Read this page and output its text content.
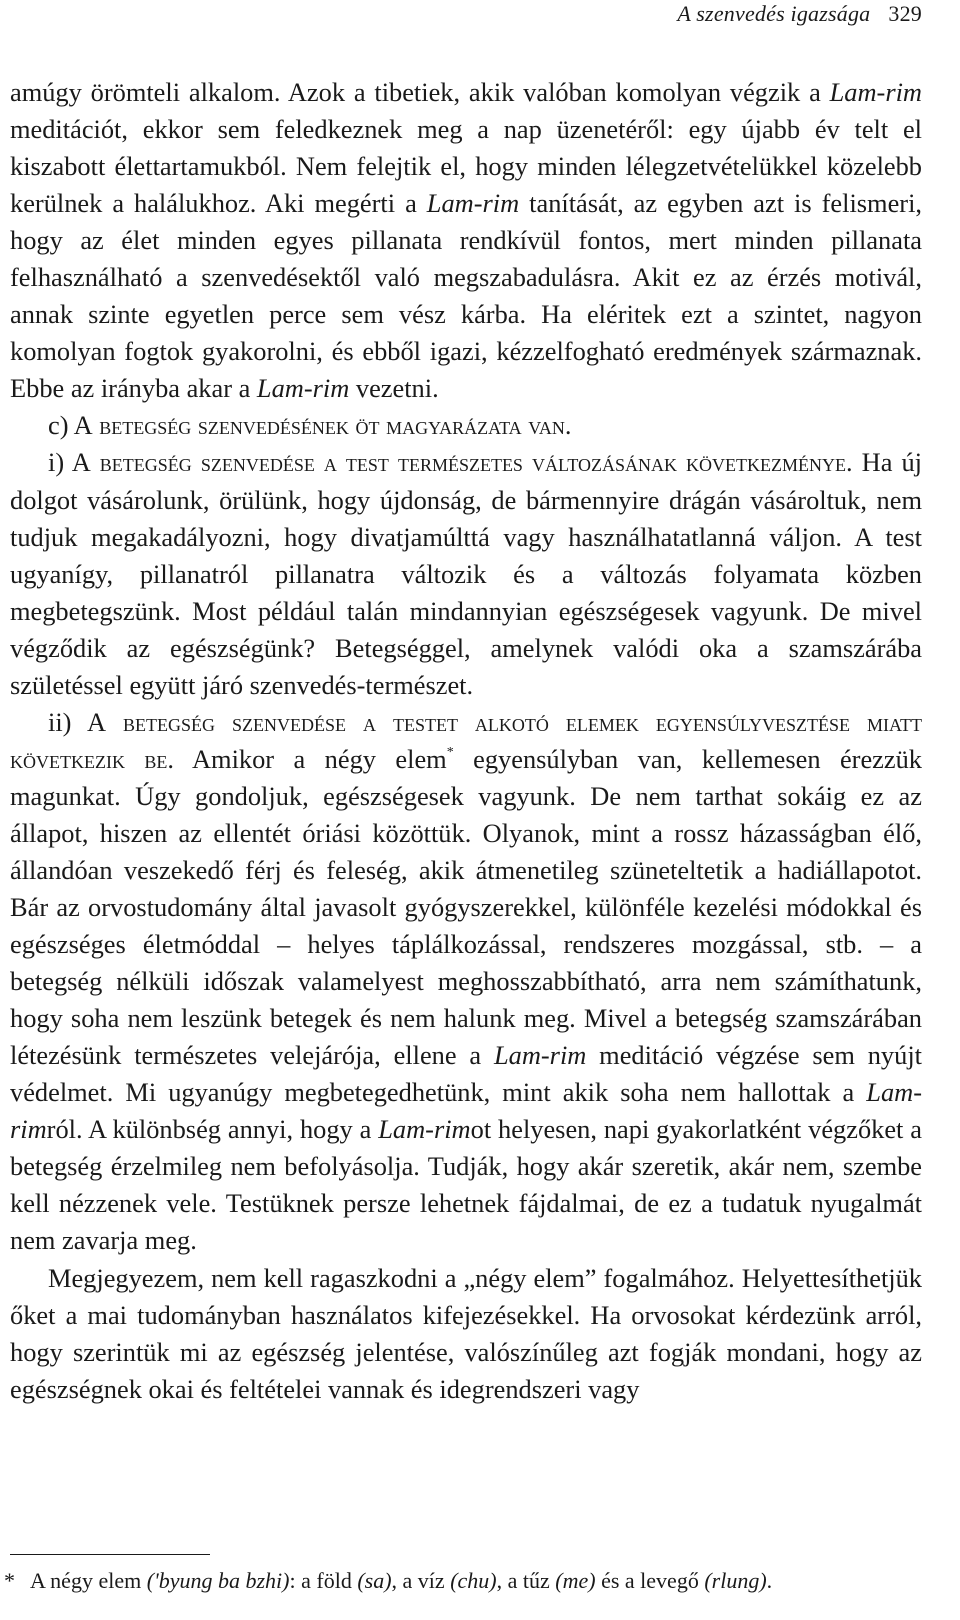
A szenvedés igazsága 329

amúgy örömteli alkalom. Azok a tibetiek, akik valóban komolyan végzik a Lam-rim meditációt, ekkor sem feledkeznek meg a nap üzenetéről: egy újabb év telt el kiszabott élettartamukból. Nem felejtik el, hogy minden lélegzetvételükkel közelebb kerülnek a halálukhoz. Aki megérti a Lam-rim tanítását, az egyben azt is felismeri, hogy az élet minden egyes pillanata rendkívül fontos, mert minden pillanata felhasználható a szenvedésektől való megszabadulásra. Akit ez az érzés motivál, annak szinte egyetlen perce sem vész kárba. Ha eléritek ezt a szintet, nagyon komolyan fogtok gyakorolni, és ebből igazi, kézzelfogható eredmények származnak. Ebbe az irányba akar a Lam-rim vezetni.

c) A betegség szenvedésének öt magyarázata van.

i) A betegség szenvedése a test természetes változásának következménye. Ha új dolgot vásárolunk, örülünk, hogy újdonság, de bármennyire drágán vásároltuk, nem tudjuk megakadályozni, hogy divatjamúlttá vagy használhatatlanná váljon. A test ugyanígy, pillanatról pillanatra változik és a változás folyamata közben megbetegszünk. Most például talán mindannyian egészségesek vagyunk. De mivel végződik az egészségünk? Betegséggel, amelynek valódi oka a szamszárába születéssel együtt járó szenvedés-természet.

ii) A betegség szenvedése a testet alkotó elemek egyensúlyvesztése miatt következik be. Amikor a négy elem* egyensúlyban van, kellemesen érezzük magunkat. Úgy gondoljuk, egészségesek vagyunk. De nem tarthat sokáig ez az állapot, hiszen az ellentét óriási közöttük. Olyanok, mint a rossz házasságban élő, állandóan veszekedő férj és feleség, akik átmenetileg szüneteltetik a hadiállapotot. Bár az orvostudomány által javasolt gyógyszerekkel, különféle kezelési módokkal és egészséges életmóddal – helyes táplálkozással, rendszeres mozgással, stb. – a betegség nélküli időszak valamelyest meghosszabbítható, arra nem számíthatunk, hogy soha nem leszünk betegek és nem halunk meg. Mivel a betegség szamszárában létezésünk természetes velejárója, ellene a Lam-rim meditáció végzése sem nyújt védelmet. Mi ugyanúgy megbetegedhetünk, mint akik soha nem hallottak a Lam-rimról. A különbség annyi, hogy a Lam-rimot helyesen, napi gyakorlatként végzőket a betegség érzelmileg nem befolyásolja. Tudják, hogy akár szeretik, akár nem, szembe kell nézzenek vele. Testüknek persze lehetnek fájdalmai, de ez a tudatuk nyugalmát nem zavarja meg.

Megjegyezem, nem kell ragaszkodni a „négy elem” fogalmához. Helyettesíthetjük őket a mai tudományban használatos kifejezésekkel. Ha orvosokat kérdezünk arról, hogy szerintük mi az egészség jelentése, valószínűleg azt fogják mondani, hogy az egészségnek okai és feltételei vannak és idegrendszeri vagy

* A négy elem ('byung ba bzhi): a föld (sa), a víz (chu), a tűz (me) és a levegő (rlung).
